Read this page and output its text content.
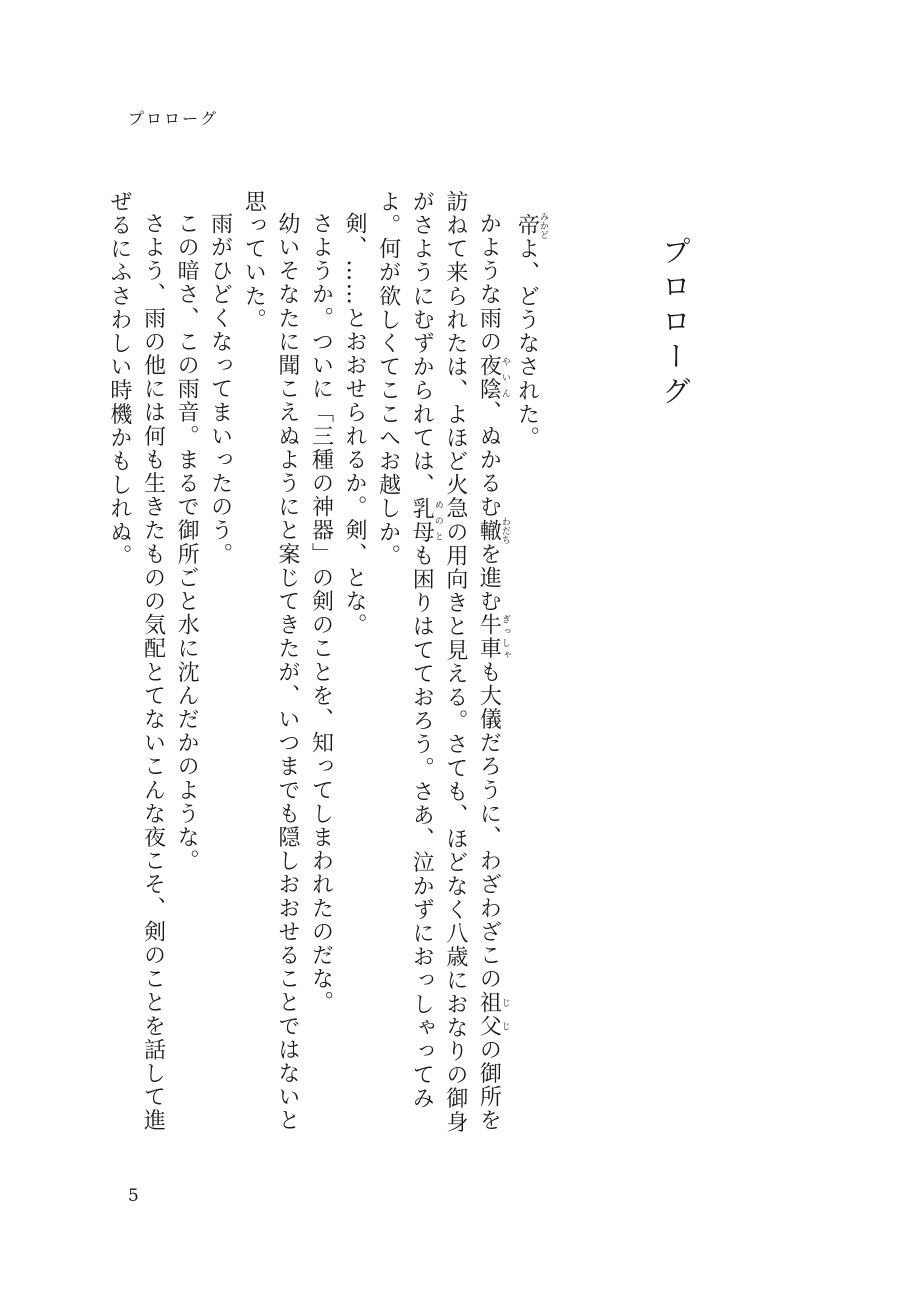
プロローグ
プロローグ

帝みかどよ、どうなされた。

かような雨の夜陰やいん、ぬかるむ轍わだちを進む牛車ぎっしゃも大儀だろうに、わざわざこの祖父じじの御所を訪ねて来られたは、よほど火急の用向きと見える。さても、ほどなく八歳におなりの御身がさようにむずかられては、乳母めのとも困りはてておろう。さあ、泣かずにおっしゃってみよ。何が欲しくてここへお越しか。

剣、……とおおせられるか。剣、とな。

さようか。ついに「三種の神器」の剣のことを、知ってしまわれたのだな。

幼いそなたに聞こえぬようにと案じてきたが、いつまでも隠しおおせることではないと思っていた。

雨がひどくなってまいったのう。

この暗さ、この雨音。まるで御所ごと水に沈んだかのような。

さよう、雨の他には何も生きたものの気配とてないこんな夜こそ、剣のことを話して進ぜるにふさわしい時機かもしれぬ。

5
